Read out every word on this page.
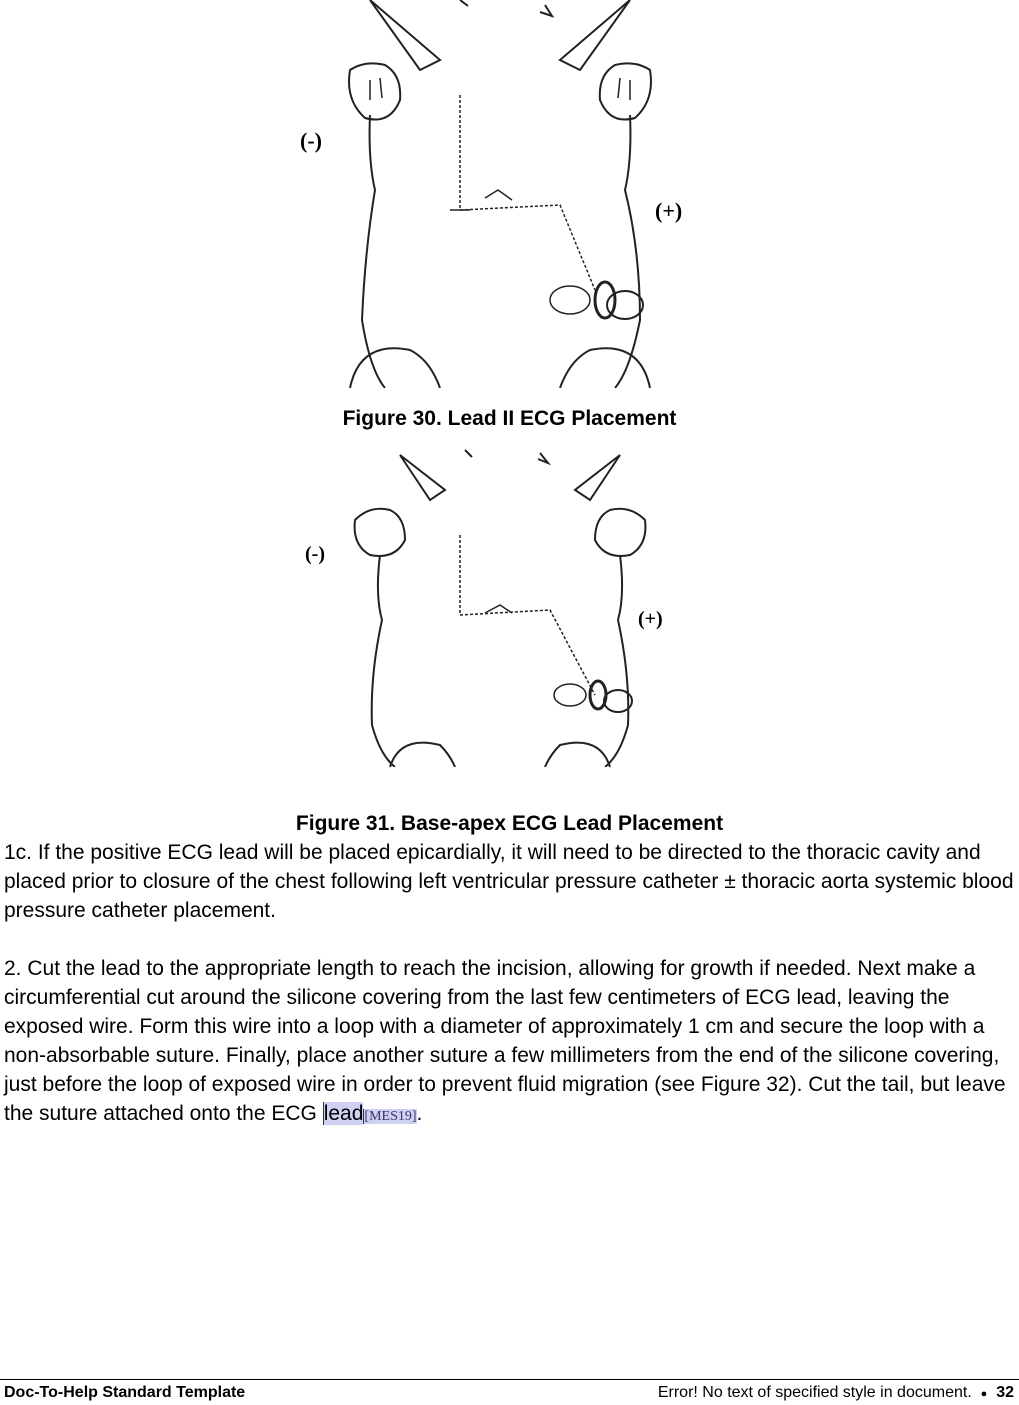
(-)
(+)
Figure 30. Lead II ECG Placement
(-)
(+)
Figure 31. Base-apex ECG Lead Placement

1c. If the positive ECG lead will be placed epicardially, it will need to be directed to the thoracic cavity and placed prior to closure of the chest following left ventricular pressure catheter ± thoracic aorta systemic blood pressure catheter placement.

2. Cut the lead to the appropriate length to reach the incision, allowing for growth if needed. Next make a circumferential cut around the silicone covering from the last few centimeters of ECG lead, leaving the exposed wire. Form this wire into a loop with a diameter of approximately 1 cm and secure the loop with a non-absorbable suture. Finally, place another suture a few millimeters from the end of the silicone covering, just before the loop of exposed wire in order to prevent fluid migration (see Figure 32). Cut the tail, but leave the suture attached onto the ECG lead[MES19].

Doc-To-Help Standard Template	Error! No text of specified style in document. ● 32
